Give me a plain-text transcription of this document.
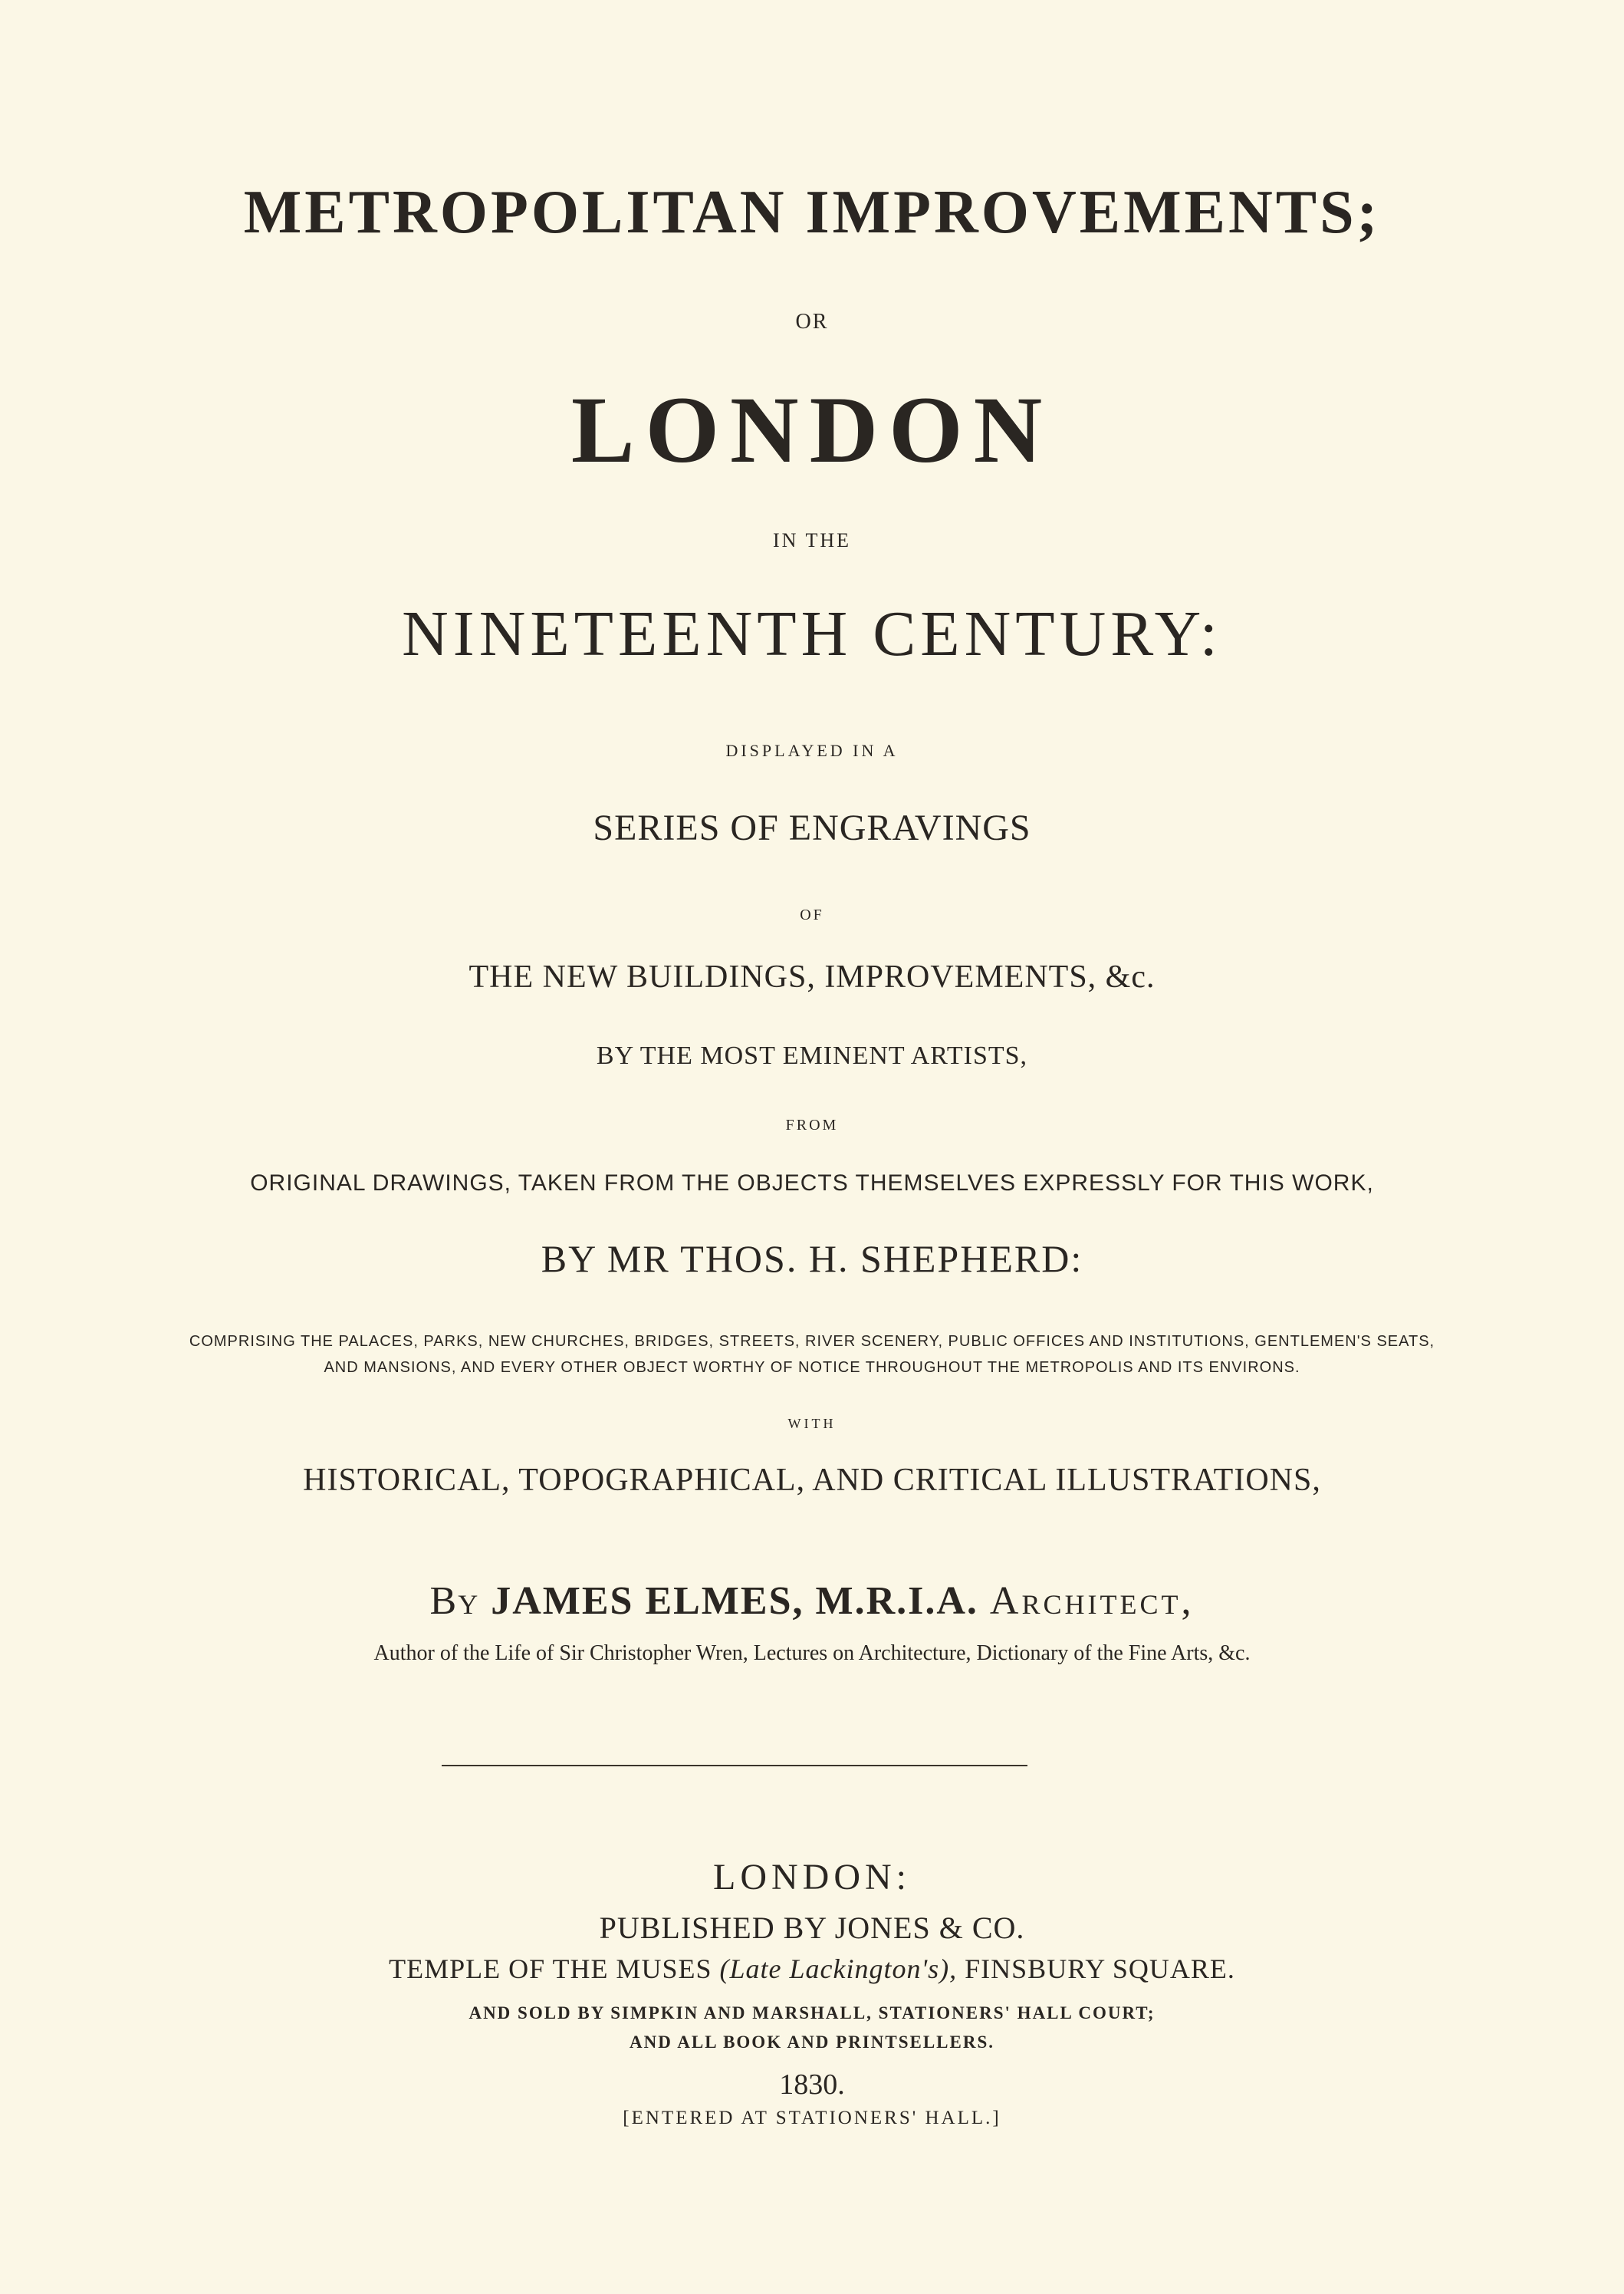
METROPOLITAN IMPROVEMENTS;
OR
LONDON
IN THE
NINETEENTH CENTURY:
DISPLAYED IN A
SERIES OF ENGRAVINGS
OF
THE NEW BUILDINGS, IMPROVEMENTS, &c.
BY THE MOST EMINENT ARTISTS,
FROM
ORIGINAL DRAWINGS, TAKEN FROM THE OBJECTS THEMSELVES EXPRESSLY FOR THIS WORK,
BY MR THOS. H. SHEPHERD:
COMPRISING THE PALACES, PARKS, NEW CHURCHES, BRIDGES, STREETS, RIVER SCENERY, PUBLIC OFFICES AND INSTITUTIONS, GENTLEMEN'S SEATS,
AND MANSIONS, AND EVERY OTHER OBJECT WORTHY OF NOTICE THROUGHOUT THE METROPOLIS AND ITS ENVIRONS.
WITH
HISTORICAL, TOPOGRAPHICAL, AND CRITICAL ILLUSTRATIONS,
By JAMES ELMES, M.R.I.A. Architect,
Author of the Life of Sir Christopher Wren, Lectures on Architecture, Dictionary of the Fine Arts, &c.
LONDON:
PUBLISHED BY JONES & CO.
TEMPLE OF THE MUSES (Late Lackington's), FINSBURY SQUARE.
AND SOLD BY SIMPKIN AND MARSHALL, STATIONERS' HALL COURT;
AND ALL BOOK AND PRINTSELLERS.
1830.
[ENTERED AT STATIONERS' HALL.]
